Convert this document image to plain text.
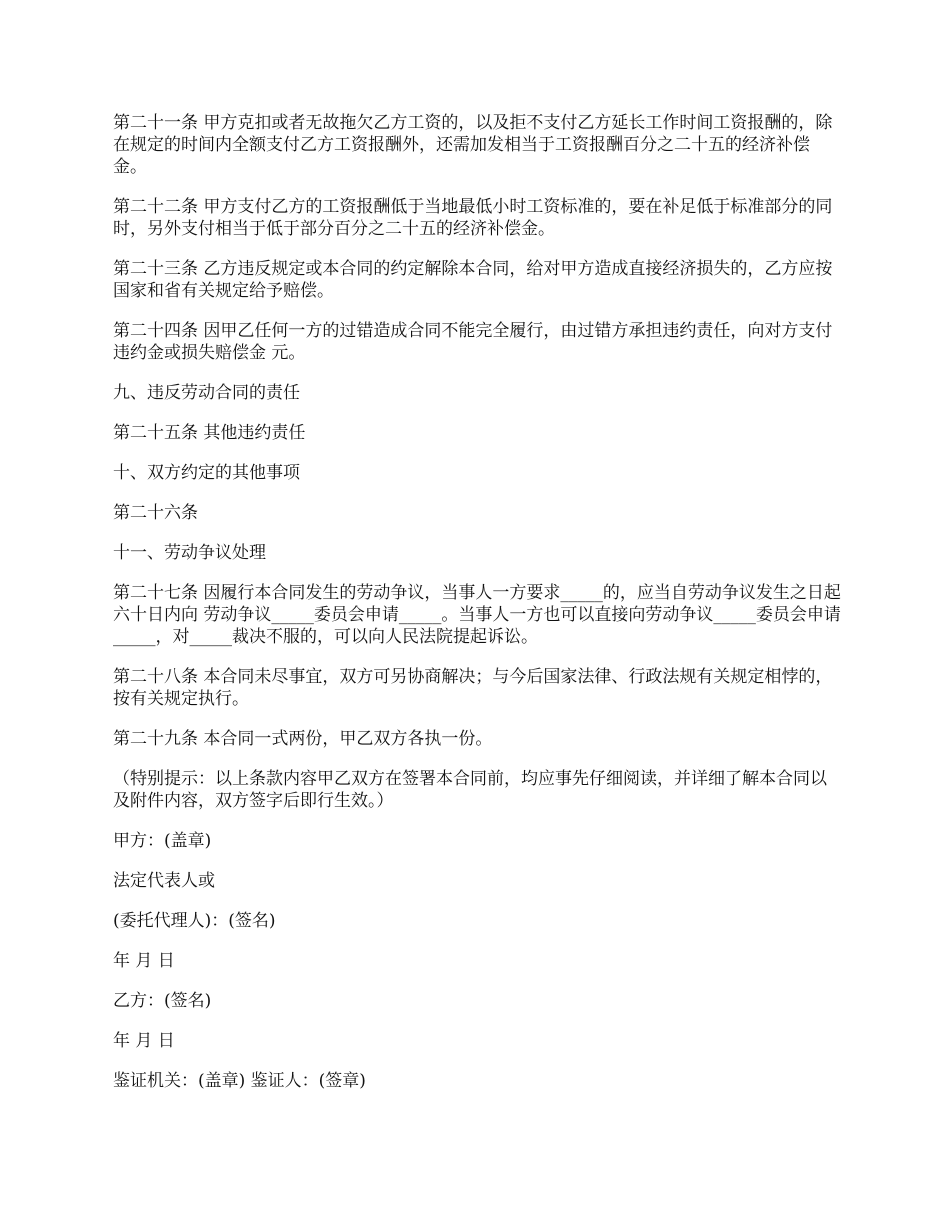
第二十一条 甲方克扣或者无故拖欠乙方工资的，以及拒不支付乙方延长工作时间工资报酬的，除在规定的时间内全额支付乙方工资报酬外，还需加发相当于工资报酬百分之二十五的经济补偿金。

第二十二条 甲方支付乙方的工资报酬低于当地最低小时工资标准的，要在补足低于标准部分的同时，另外支付相当于低于部分百分之二十五的经济补偿金。

第二十三条 乙方违反规定或本合同的约定解除本合同，给对甲方造成直接经济损失的，乙方应按国家和省有关规定给予赔偿。

第二十四条 因甲乙任何一方的过错造成合同不能完全履行，由过错方承担违约责任，向对方支付违约金或损失赔偿金 元。

九、违反劳动合同的责任

第二十五条 其他违约责任

十、双方约定的其他事项

第二十六条

十一、劳动争议处理

第二十七条 因履行本合同发生的劳动争议，当事人一方要求_____的，应当自劳动争议发生之日起六十日内向 劳动争议_____委员会申请_____。当事人一方也可以直接向劳动争议_____委员会申请_____，对_____裁决不服的，可以向人民法院提起诉讼。

第二十八条 本合同未尽事宜，双方可另协商解决；与今后国家法律、行政法规有关规定相悖的，按有关规定执行。

第二十九条 本合同一式两份，甲乙双方各执一份。

（特别提示：以上条款内容甲乙双方在签署本合同前，均应事先仔细阅读，并详细了解本合同以及附件内容，双方签字后即行生效。）

甲方：(盖章)

法定代表人或

(委托代理人)：(签名)

年 月 日

乙方：(签名)

年 月 日

鉴证机关：(盖章) 鉴证人：(签章)
